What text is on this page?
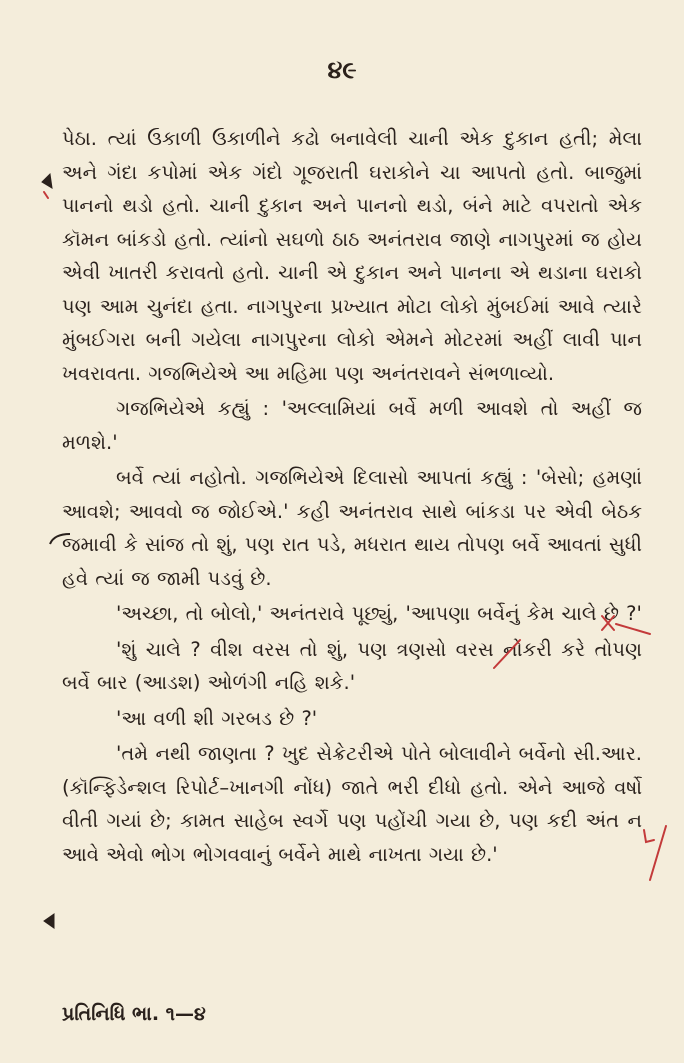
૪૯

પેઠા. ત્યાં ઉકાળી ઉકાળીને કઢો બનાવેલી ચાની એક દુકાન હતી; મેલા અને ગંદા કપોમાં એક ગંદો ગૂજરાતી ઘરાકોને ચા આપતો હતો. બાજુમાં પાનનો થડો હતો. ચાની દુકાન અને પાનનો થડો, બંને માટે વપરાતો એક કૉમન બાંકડો હતો. ત્યાંનો સઘળો ઠાઠ અનંતરાવ જાણે નાગપુરમાં જ હોય એવી ખાતરી કરાવતો હતો. ચાની એ દુકાન અને પાનના એ થડાના ઘરાકો પણ આમ ચુનંદા હતા. નાગપુરના પ્રખ્યાત મોટા લોકો મુંબઈમાં આવે ત્યારે મુંબઈગરા બની ગયેલા નાગપુરના લોકો એમને મોટરમાં અહીં લાવી પાન ખવરાવતા. ગજભિયેએ આ મહિમા પણ અનંતરાવને સંભળાવ્યો.

ગજભિયેએ કહ્યું : 'અલ્લામિયાં બર્વે મળી આવશે તો અહીં જ મળશે.'

બર્વે ત્યાં નહોતો. ગજભિયેએ દિલાસો આપતાં કહ્યું : 'બેસો; હમણાં આવશે; આવવો જ જોઈએ.' કહી અનંતરાવ સાથે બાંકડા પર એવી બેઠક જમાવી કે સાંજ તો શું, પણ રાત પડે, મધરાત થાય તોપણ બર્વે આવતાં સુધી હવે ત્યાં જ જામી પડવું છે.

'અચ્છા, તો બોલો,' અનંતરાવે પૂછ્યું, 'આપણા બર્વેનું કેમ ચાલે છે ?'

'શું ચાલે ? વીશ વરસ તો શું, પણ ત્રણસો વરસ નોકરી કરે તોપણ બર્વે બાર (આડશ) ઓળંગી નહિ શકે.'

'આ વળી શી ગરબડ છે ?'

'તમે નથી જાણતા ? ખુદ સેક્રેટરીએ પોતે બોલાવીને બર્વેનો સી.આર. (કૉન્ફિડેન્શલ રિપોર્ટ–ખાનગી નોંધ) જાતે ભરી દીધો હતો. એને આજે વર્ષો વીતી ગયાં છે; કામત સાહેબ સ્વર્ગે પણ પહોંચી ગયા છે, પણ કદી અંત ન આવે એવો ભોગ ભોગવવાનું બર્વેને માથે નાખતા ગયા છે.'

પ્રતિનિધિ ભા. ૧—૪
